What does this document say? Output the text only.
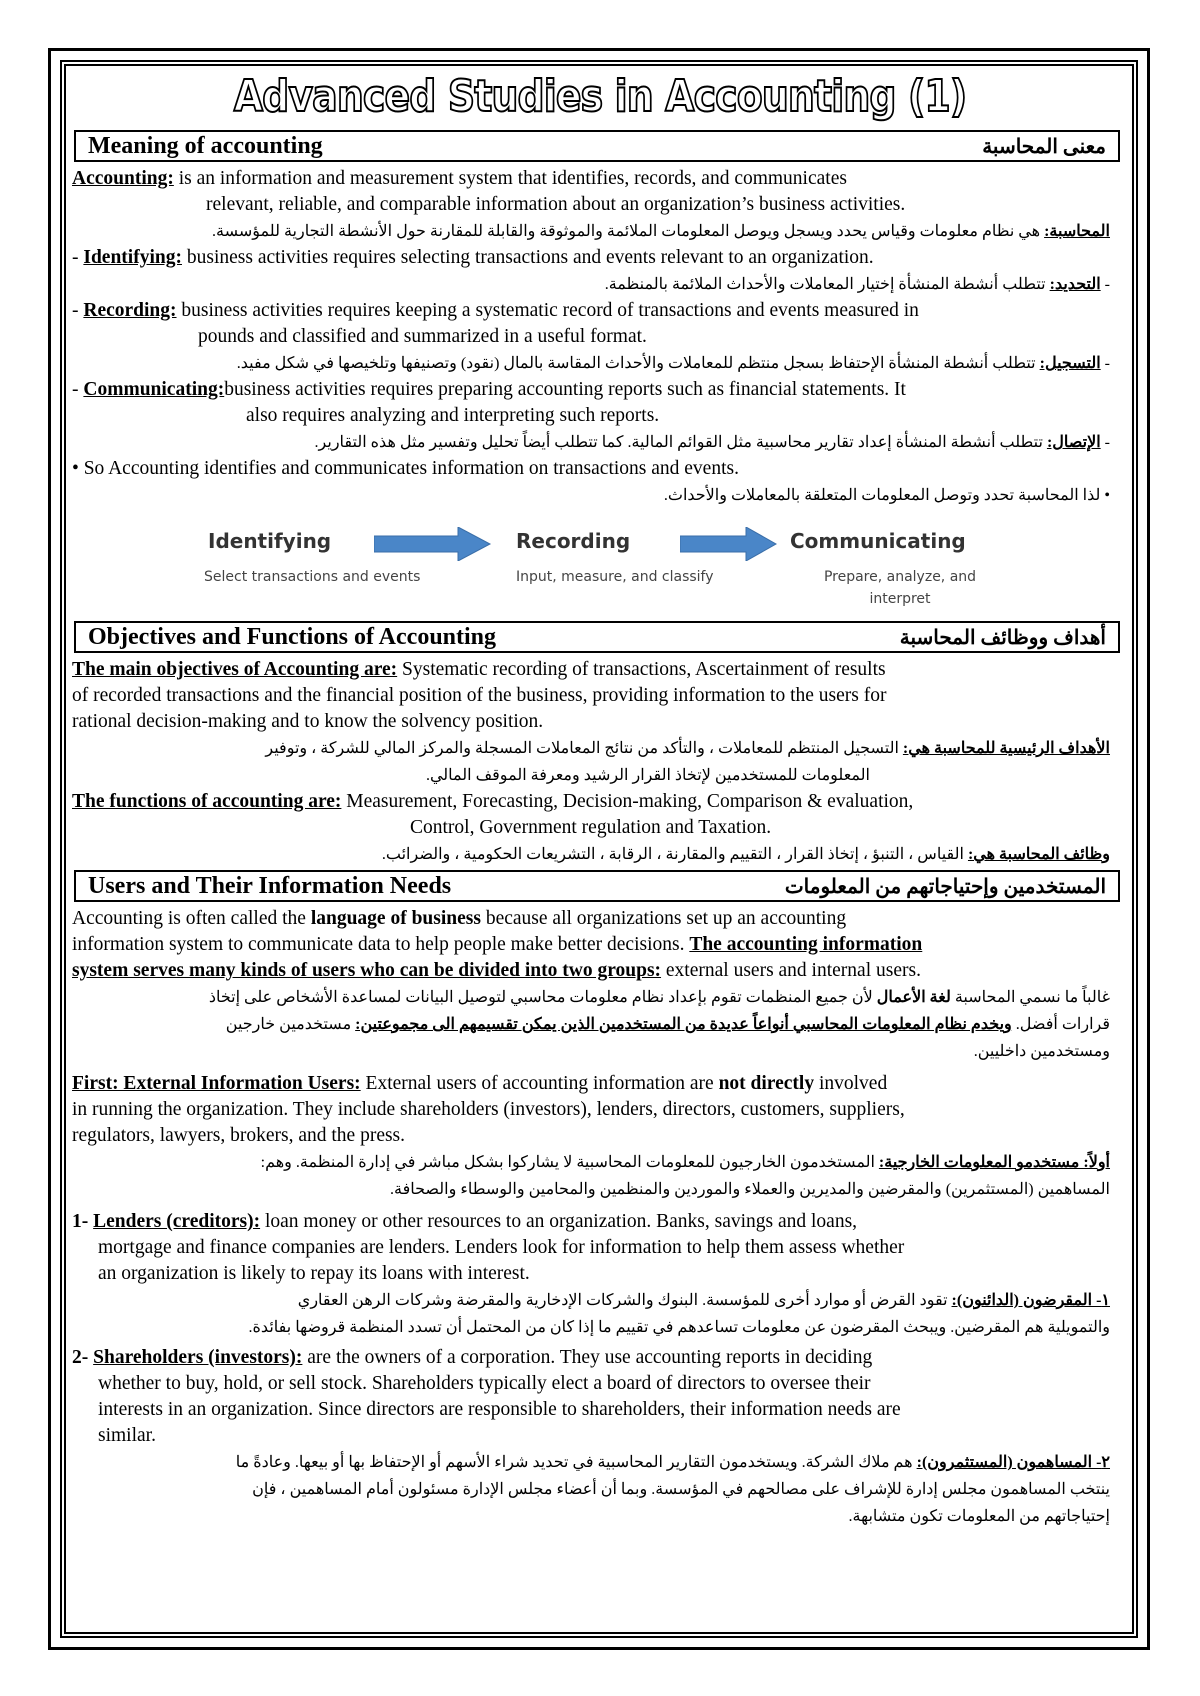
Advanced Studies in Accounting (1)
Meaning of accounting	معنى المحاسبة

Accounting: is an information and measurement system that identifies, records, and communicates

relevant, reliable, and comparable information about an organization’s business activities.

المحاسبة: هي نظام معلومات وقياس يحدد ويسجل ويوصل المعلومات الملائمة والموثوقة والقابلة للمقارنة حول الأنشطة التجارية للمؤسسة.

- Identifying: business activities requires selecting transactions and events relevant to an organization.

- التحديد: تتطلب أنشطة المنشأة إختيار المعاملات والأحداث الملائمة بالمنظمة.

- Recording: business activities requires keeping a systematic record of transactions and events measured in

pounds and classified and summarized in a useful format.

- التسجيل: تتطلب أنشطة المنشأة الإحتفاظ بسجل منتظم للمعاملات والأحداث المقاسة بالمال (نقود) وتصنيفها وتلخيصها في شكل مفيد.

- Communicating:business activities requires preparing accounting reports such as financial statements. It

also requires analyzing and interpreting such reports.

- الإتصال: تتطلب أنشطة المنشأة إعداد تقارير محاسبية مثل القوائم المالية. كما تتطلب أيضاً تحليل وتفسير مثل هذه التقارير.

• So Accounting identifies and communicates information on transactions and events.

• لذا المحاسبة تحدد وتوصل المعلومات المتعلقة بالمعاملات والأحداث.

Identifying	Recording	Communicating
Select transactions and events	Input, measure, and classify	Prepare, analyze, and
interpret
Objectives and Functions of Accounting	أهداف ووظائف المحاسبة

The main objectives of Accounting are: Systematic recording of transactions, Ascertainment of results

of recorded transactions and the financial position of the business, providing information to the users for

rational decision-making and to know the solvency position.

الأهداف الرئيسية للمحاسبة هي: التسجيل المنتظم للمعاملات ، والتأكد من نتائج المعاملات المسجلة والمركز المالي للشركة ، وتوفير

المعلومات للمستخدمين لإتخاذ القرار الرشيد ومعرفة الموقف المالي.

The functions of accounting are: Measurement, Forecasting, Decision-making, Comparison & evaluation,

Control, Government regulation and Taxation.

وظائف المحاسبة هي: القياس ، التنبؤ ، إتخاذ القرار ، التقييم والمقارنة ، الرقابة ، التشريعات الحكومية ، والضرائب.

Users and Their Information Needs	المستخدمين وإحتياجاتهم من المعلومات

Accounting is often called the language of business because all organizations set up an accounting

information system to communicate data to help people make better decisions. The accounting information

system serves many kinds of users who can be divided into two groups: external users and internal users.

غالباً ما نسمي المحاسبة لغة الأعمال لأن جميع المنظمات تقوم بإعداد نظام معلومات محاسبي لتوصيل البيانات لمساعدة الأشخاص على إتخاذ

قرارات أفضل. ويخدم نظام المعلومات المحاسبي أنواعاً عديدة من المستخدمين الذين يمكن تقسيمهم الى مجموعتين: مستخدمين خارجين

ومستخدمين داخليين.

First: External Information Users: External users of accounting information are not directly involved

in running the organization. They include shareholders (investors), lenders, directors, customers, suppliers,

regulators, lawyers, brokers, and the press.

أولاً: مستخدمو المعلومات الخارجية: المستخدمون الخارجيون للمعلومات المحاسبية لا يشاركوا بشكل مباشر في إدارة المنظمة. وهم:

المساهمين (المستثمرين) والمقرضين والمديرين والعملاء والموردين والمنظمين والمحامين والوسطاء والصحافة.

1- Lenders (creditors): loan money or other resources to an organization. Banks, savings and loans,

mortgage and finance companies are lenders. Lenders look for information to help them assess whether

an organization is likely to repay its loans with interest.

١- المقرضون (الدائنون): تقود القرض أو موارد أخرى للمؤسسة. البنوك والشركات الإدخارية والمقرضة وشركات الرهن العقاري

والتمويلية هم المقرضين. ويبحث المقرضون عن معلومات تساعدهم في تقييم ما إذا كان من المحتمل أن تسدد المنظمة قروضها بفائدة.

2- Shareholders (investors): are the owners of a corporation. They use accounting reports in deciding

whether to buy, hold, or sell stock. Shareholders typically elect a board of directors to oversee their

interests in an organization. Since directors are responsible to shareholders, their information needs are

similar.

٢- المساهمون (المستثمرون): هم ملاك الشركة. ويستخدمون التقارير المحاسبية في تحديد شراء الأسهم أو الإحتفاظ بها أو بيعها. وعادةً ما

ينتخب المساهمون مجلس إدارة للإشراف على مصالحهم في المؤسسة. وبما أن أعضاء مجلس الإدارة مسئولون أمام المساهمين ، فإن

إحتياجاتهم من المعلومات تكون متشابهة.
